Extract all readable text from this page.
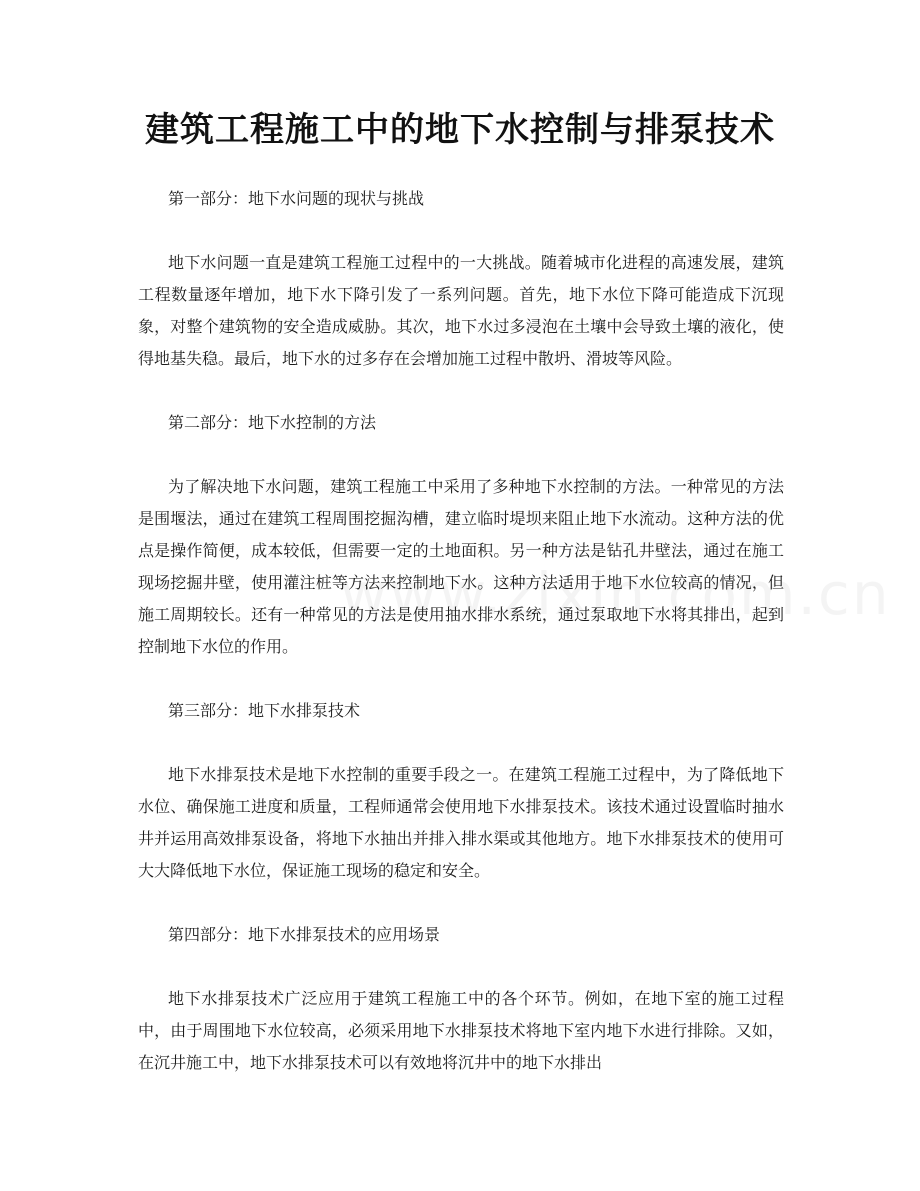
建筑工程施工中的地下水控制与排泵技术

第一部分：地下水问题的现状与挑战

地下水问题一直是建筑工程施工过程中的一大挑战。随着城市化进程的高速发展，建筑工程数量逐年增加，地下水下降引发了一系列问题。首先，地下水位下降可能造成下沉现象，对整个建筑物的安全造成威胁。其次，地下水过多浸泡在土壤中会导致土壤的液化，使得地基失稳。最后，地下水的过多存在会增加施工过程中散坍、滑坡等风险。

第二部分：地下水控制的方法

为了解决地下水问题，建筑工程施工中采用了多种地下水控制的方法。一种常见的方法是围堰法，通过在建筑工程周围挖掘沟槽，建立临时堤坝来阻止地下水流动。这种方法的优点是操作简便，成本较低，但需要一定的土地面积。另一种方法是钻孔井壁法，通过在施工现场挖掘井壁，使用灌注桩等方法来控制地下水。这种方法适用于地下水位较高的情况，但施工周期较长。还有一种常见的方法是使用抽水排水系统，通过泵取地下水将其排出，起到控制地下水位的作用。

第三部分：地下水排泵技术

地下水排泵技术是地下水控制的重要手段之一。在建筑工程施工过程中，为了降低地下水位、确保施工进度和质量，工程师通常会使用地下水排泵技术。该技术通过设置临时抽水井并运用高效排泵设备，将地下水抽出并排入排水渠或其他地方。地下水排泵技术的使用可大大降低地下水位，保证施工现场的稳定和安全。

第四部分：地下水排泵技术的应用场景

地下水排泵技术广泛应用于建筑工程施工中的各个环节。例如，在地下室的施工过程中，由于周围地下水位较高，必须采用地下水排泵技术将地下室内地下水进行排除。又如，在沉井施工中，地下水排泵技术可以有效地将沉井中的地下水排出
